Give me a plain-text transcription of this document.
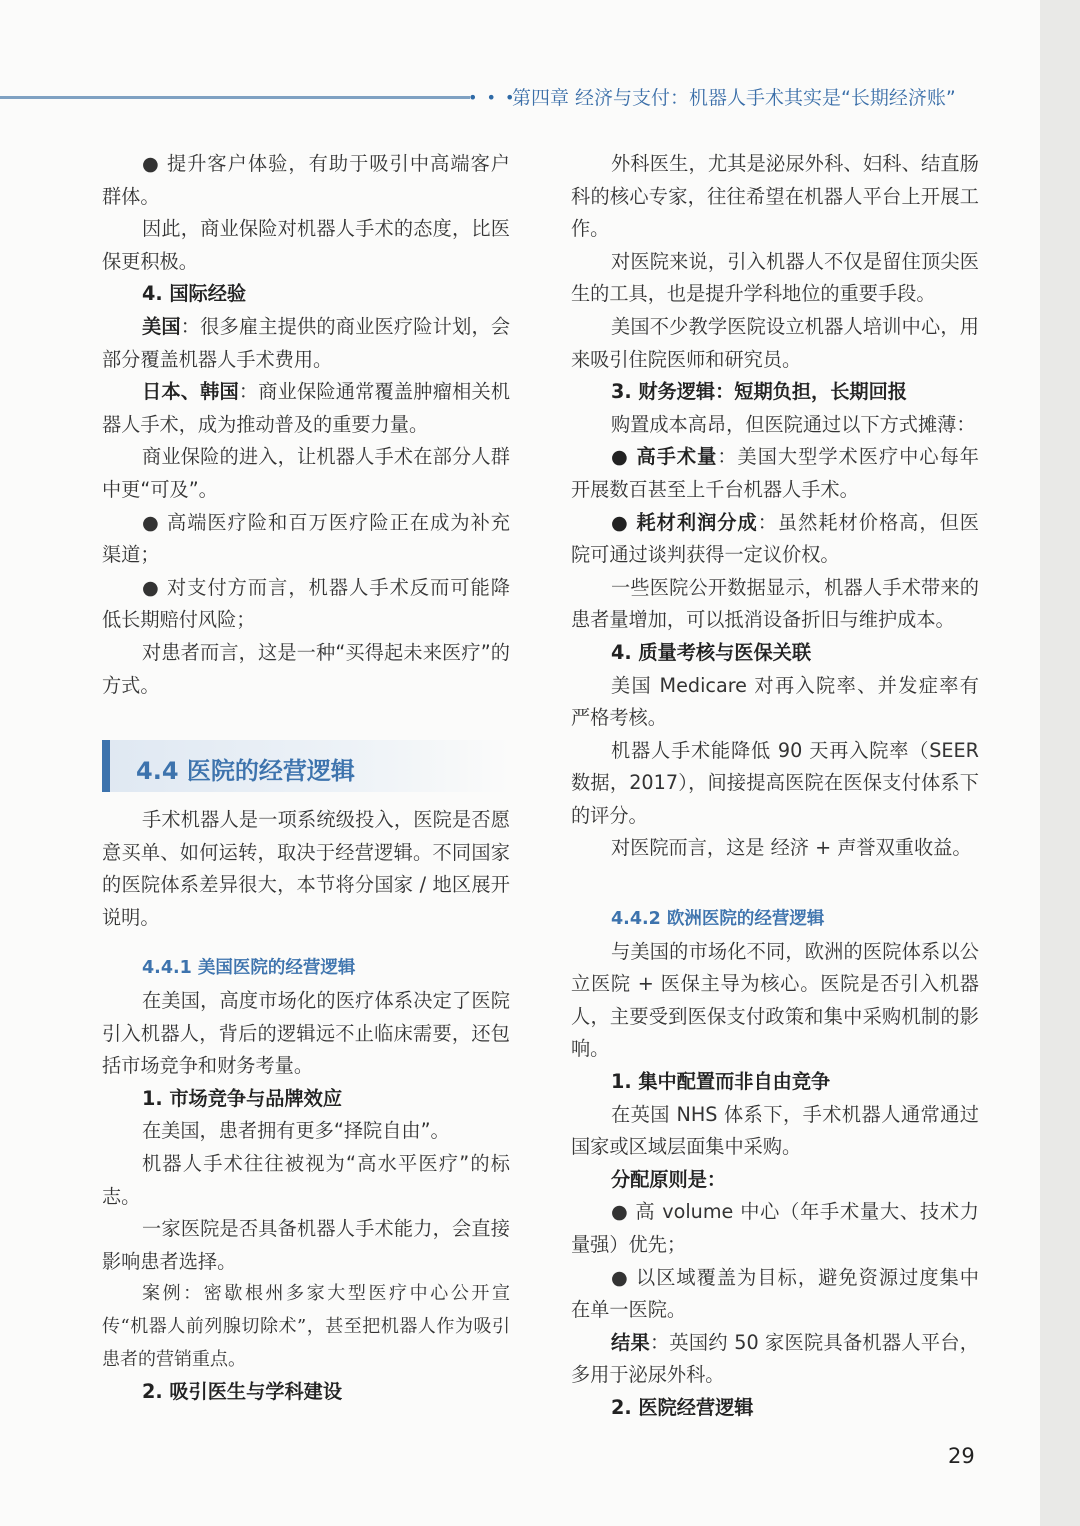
• • •
第四章 经济与支付：机器人手术其实是“长期经济账”

● 提升客户体验，有助于吸引中高端客户群体。

因此，商业保险对机器人手术的态度，比医保更积极。

4. 国际经验

美国：很多雇主提供的商业医疗险计划，会部分覆盖机器人手术费用。

日本、韩国：商业保险通常覆盖肿瘤相关机器人手术，成为推动普及的重要力量。

商业保险的进入，让机器人手术在部分人群中更“可及”。

● 高端医疗险和百万医疗险正在成为补充渠道；

● 对支付方而言，机器人手术反而可能降低长期赔付风险；

对患者而言，这是一种“买得起未来医疗”的方式。

4.4 医院的经营逻辑

手术机器人是一项系统级投入，医院是否愿意买单、如何运转，取决于经营逻辑。不同国家的医院体系差异很大，本节将分国家 / 地区展开说明。

4.4.1 美国医院的经营逻辑

在美国，高度市场化的医疗体系决定了医院引入机器人，背后的逻辑远不止临床需要，还包括市场竞争和财务考量。

1. 市场竞争与品牌效应

在美国，患者拥有更多“择院自由”。

机器人手术往往被视为“高水平医疗”的标志。

一家医院是否具备机器人手术能力，会直接影响患者选择。

案例：密歇根州多家大型医疗中心公开宣传“机器人前列腺切除术”，甚至把机器人作为吸引患者的营销重点。

2. 吸引医生与学科建设

外科医生，尤其是泌尿外科、妇科、结直肠科的核心专家，往往希望在机器人平台上开展工作。

对医院来说，引入机器人不仅是留住顶尖医生的工具，也是提升学科地位的重要手段。

美国不少教学医院设立机器人培训中心，用来吸引住院医师和研究员。

3. 财务逻辑：短期负担，长期回报

购置成本高昂，但医院通过以下方式摊薄：

● 高手术量：美国大型学术医疗中心每年开展数百甚至上千台机器人手术。

● 耗材利润分成：虽然耗材价格高，但医院可通过谈判获得一定议价权。

一些医院公开数据显示，机器人手术带来的患者量增加，可以抵消设备折旧与维护成本。

4. 质量考核与医保关联

美国 Medicare 对再入院率、并发症率有严格考核。

机器人手术能降低 90 天再入院率（SEER 数据，2017），间接提高医院在医保支付体系下的评分。

对医院而言，这是 经济 + 声誉双重收益。

4.4.2 欧洲医院的经营逻辑

与美国的市场化不同，欧洲的医院体系以公立医院 + 医保主导为核心。医院是否引入机器人，主要受到医保支付政策和集中采购机制的影响。

1. 集中配置而非自由竞争

在英国 NHS 体系下，手术机器人通常通过国家或区域层面集中采购。

分配原则是：

● 高 volume 中心（年手术量大、技术力量强）优先；

● 以区域覆盖为目标，避免资源过度集中在单一医院。

结果：英国约 50 家医院具备机器人平台，多用于泌尿外科。

2. 医院经营逻辑

29
